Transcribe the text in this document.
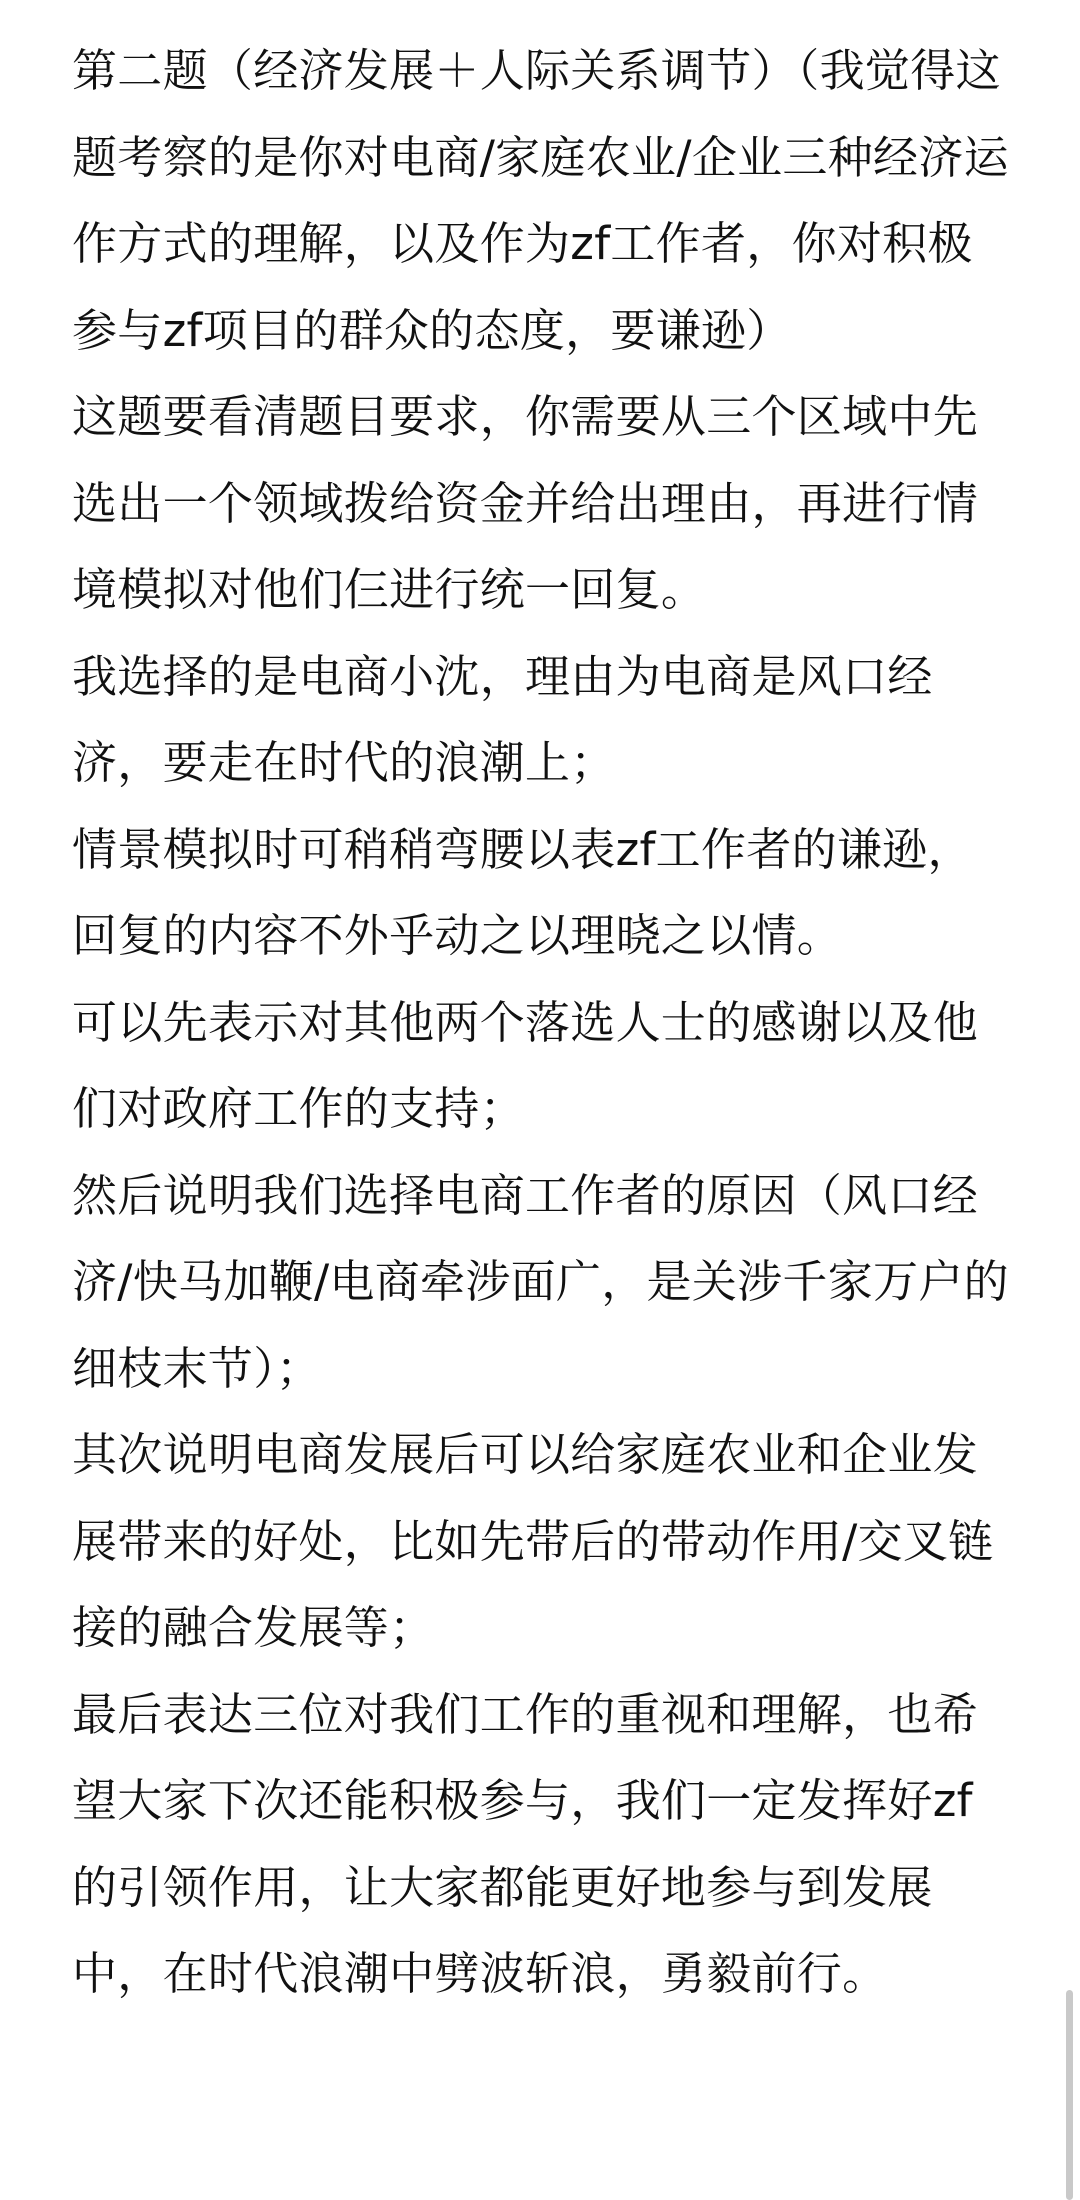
第二题（经济发展＋人际关系调节）（我觉得这题考察的是你对电商/家庭农业/企业三种经济运作方式的理解，以及作为zf工作者，你对积极参与zf项目的群众的态度，要谦逊）

这题要看清题目要求，你需要从三个区域中先选出一个领域拨给资金并给出理由，再进行情境模拟对他们仨进行统一回复。

我选择的是电商小沈，理由为电商是风口经济，要走在时代的浪潮上；

情景模拟时可稍稍弯腰以表zf工作者的谦逊，回复的内容不外乎动之以理晓之以情。

可以先表示对其他两个落选人士的感谢以及他们对政府工作的支持；

然后说明我们选择电商工作者的原因（风口经济/快马加鞭/电商牵涉面广，是关涉千家万户的细枝末节）；

其次说明电商发展后可以给家庭农业和企业发展带来的好处，比如先带后的带动作用/交叉链接的融合发展等；

最后表达三位对我们工作的重视和理解，也希望大家下次还能积极参与，我们一定发挥好zf的引领作用，让大家都能更好地参与到发展中，在时代浪潮中劈波斩浪，勇毅前行。
